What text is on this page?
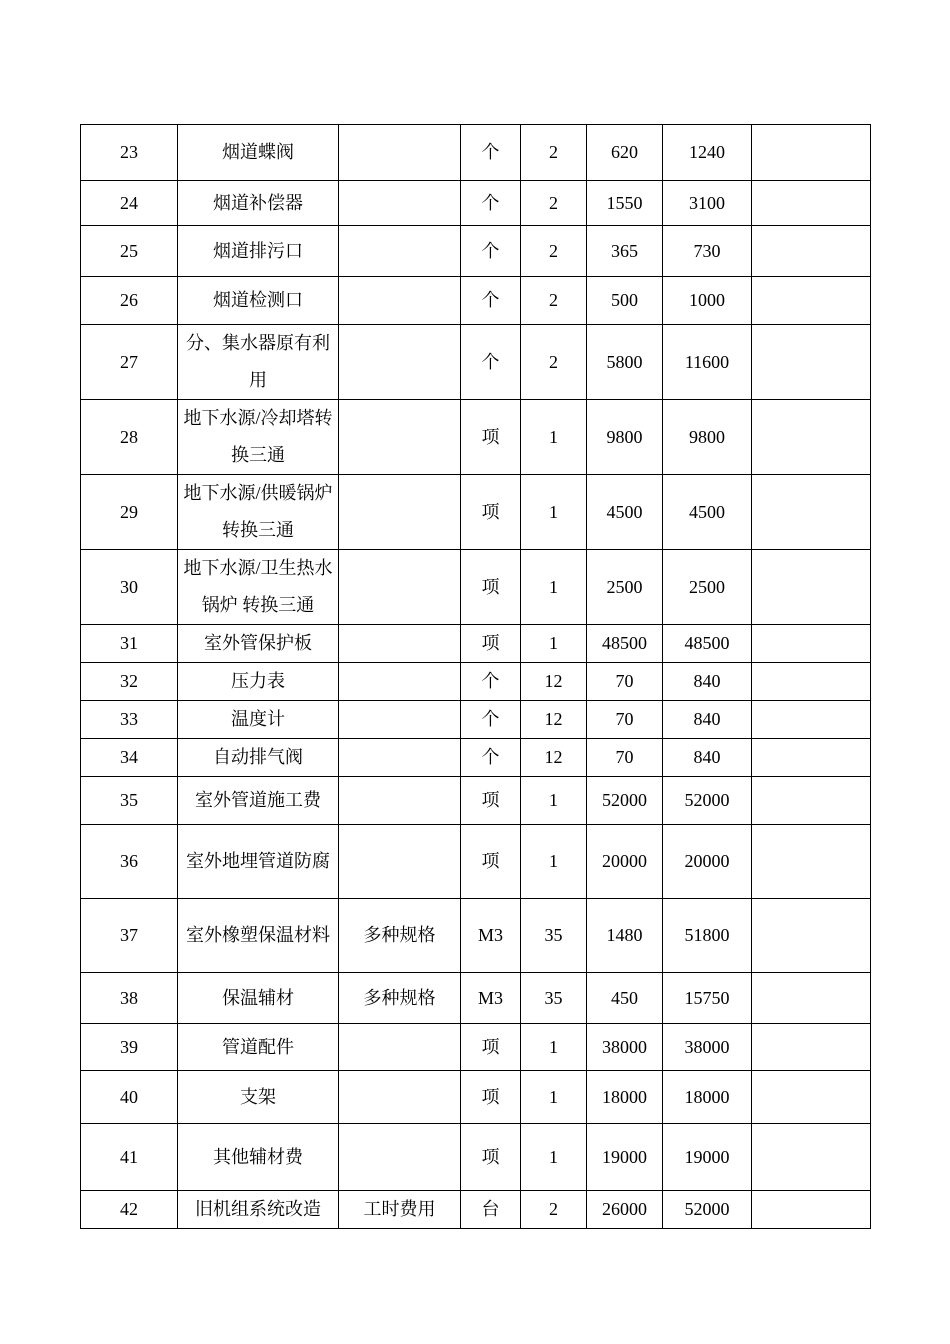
23	烟道蝶阀		个	2	620	1240	
24	烟道补偿器		个	2	1550	3100	
25	烟道排污口		个	2	365	730	
26	烟道检测口		个	2	500	1000	
27	分、集水器原有利用		个	2	5800	11600	
28	地下水源/冷却塔转换三通		项	1	9800	9800	
29	地下水源/供暖锅炉 转换三通		项	1	4500	4500	
30	地下水源/卫生热水锅炉 转换三通		项	1	2500	2500	
31	室外管保护板		项	1	48500	48500	
32	压力表		个	12	70	840	
33	温度计		个	12	70	840	
34	自动排气阀		个	12	70	840	
35	室外管道施工费		项	1	52000	52000	
36	室外地埋管道防腐		项	1	20000	20000	
37	室外橡塑保温材料	多种规格	M3	35	1480	51800	
38	保温辅材	多种规格	M3	35	450	15750	
39	管道配件		项	1	38000	38000	
40	支架		项	1	18000	18000	
41	其他辅材费		项	1	19000	19000	
42	旧机组系统改造	工时费用	台	2	26000	52000	
